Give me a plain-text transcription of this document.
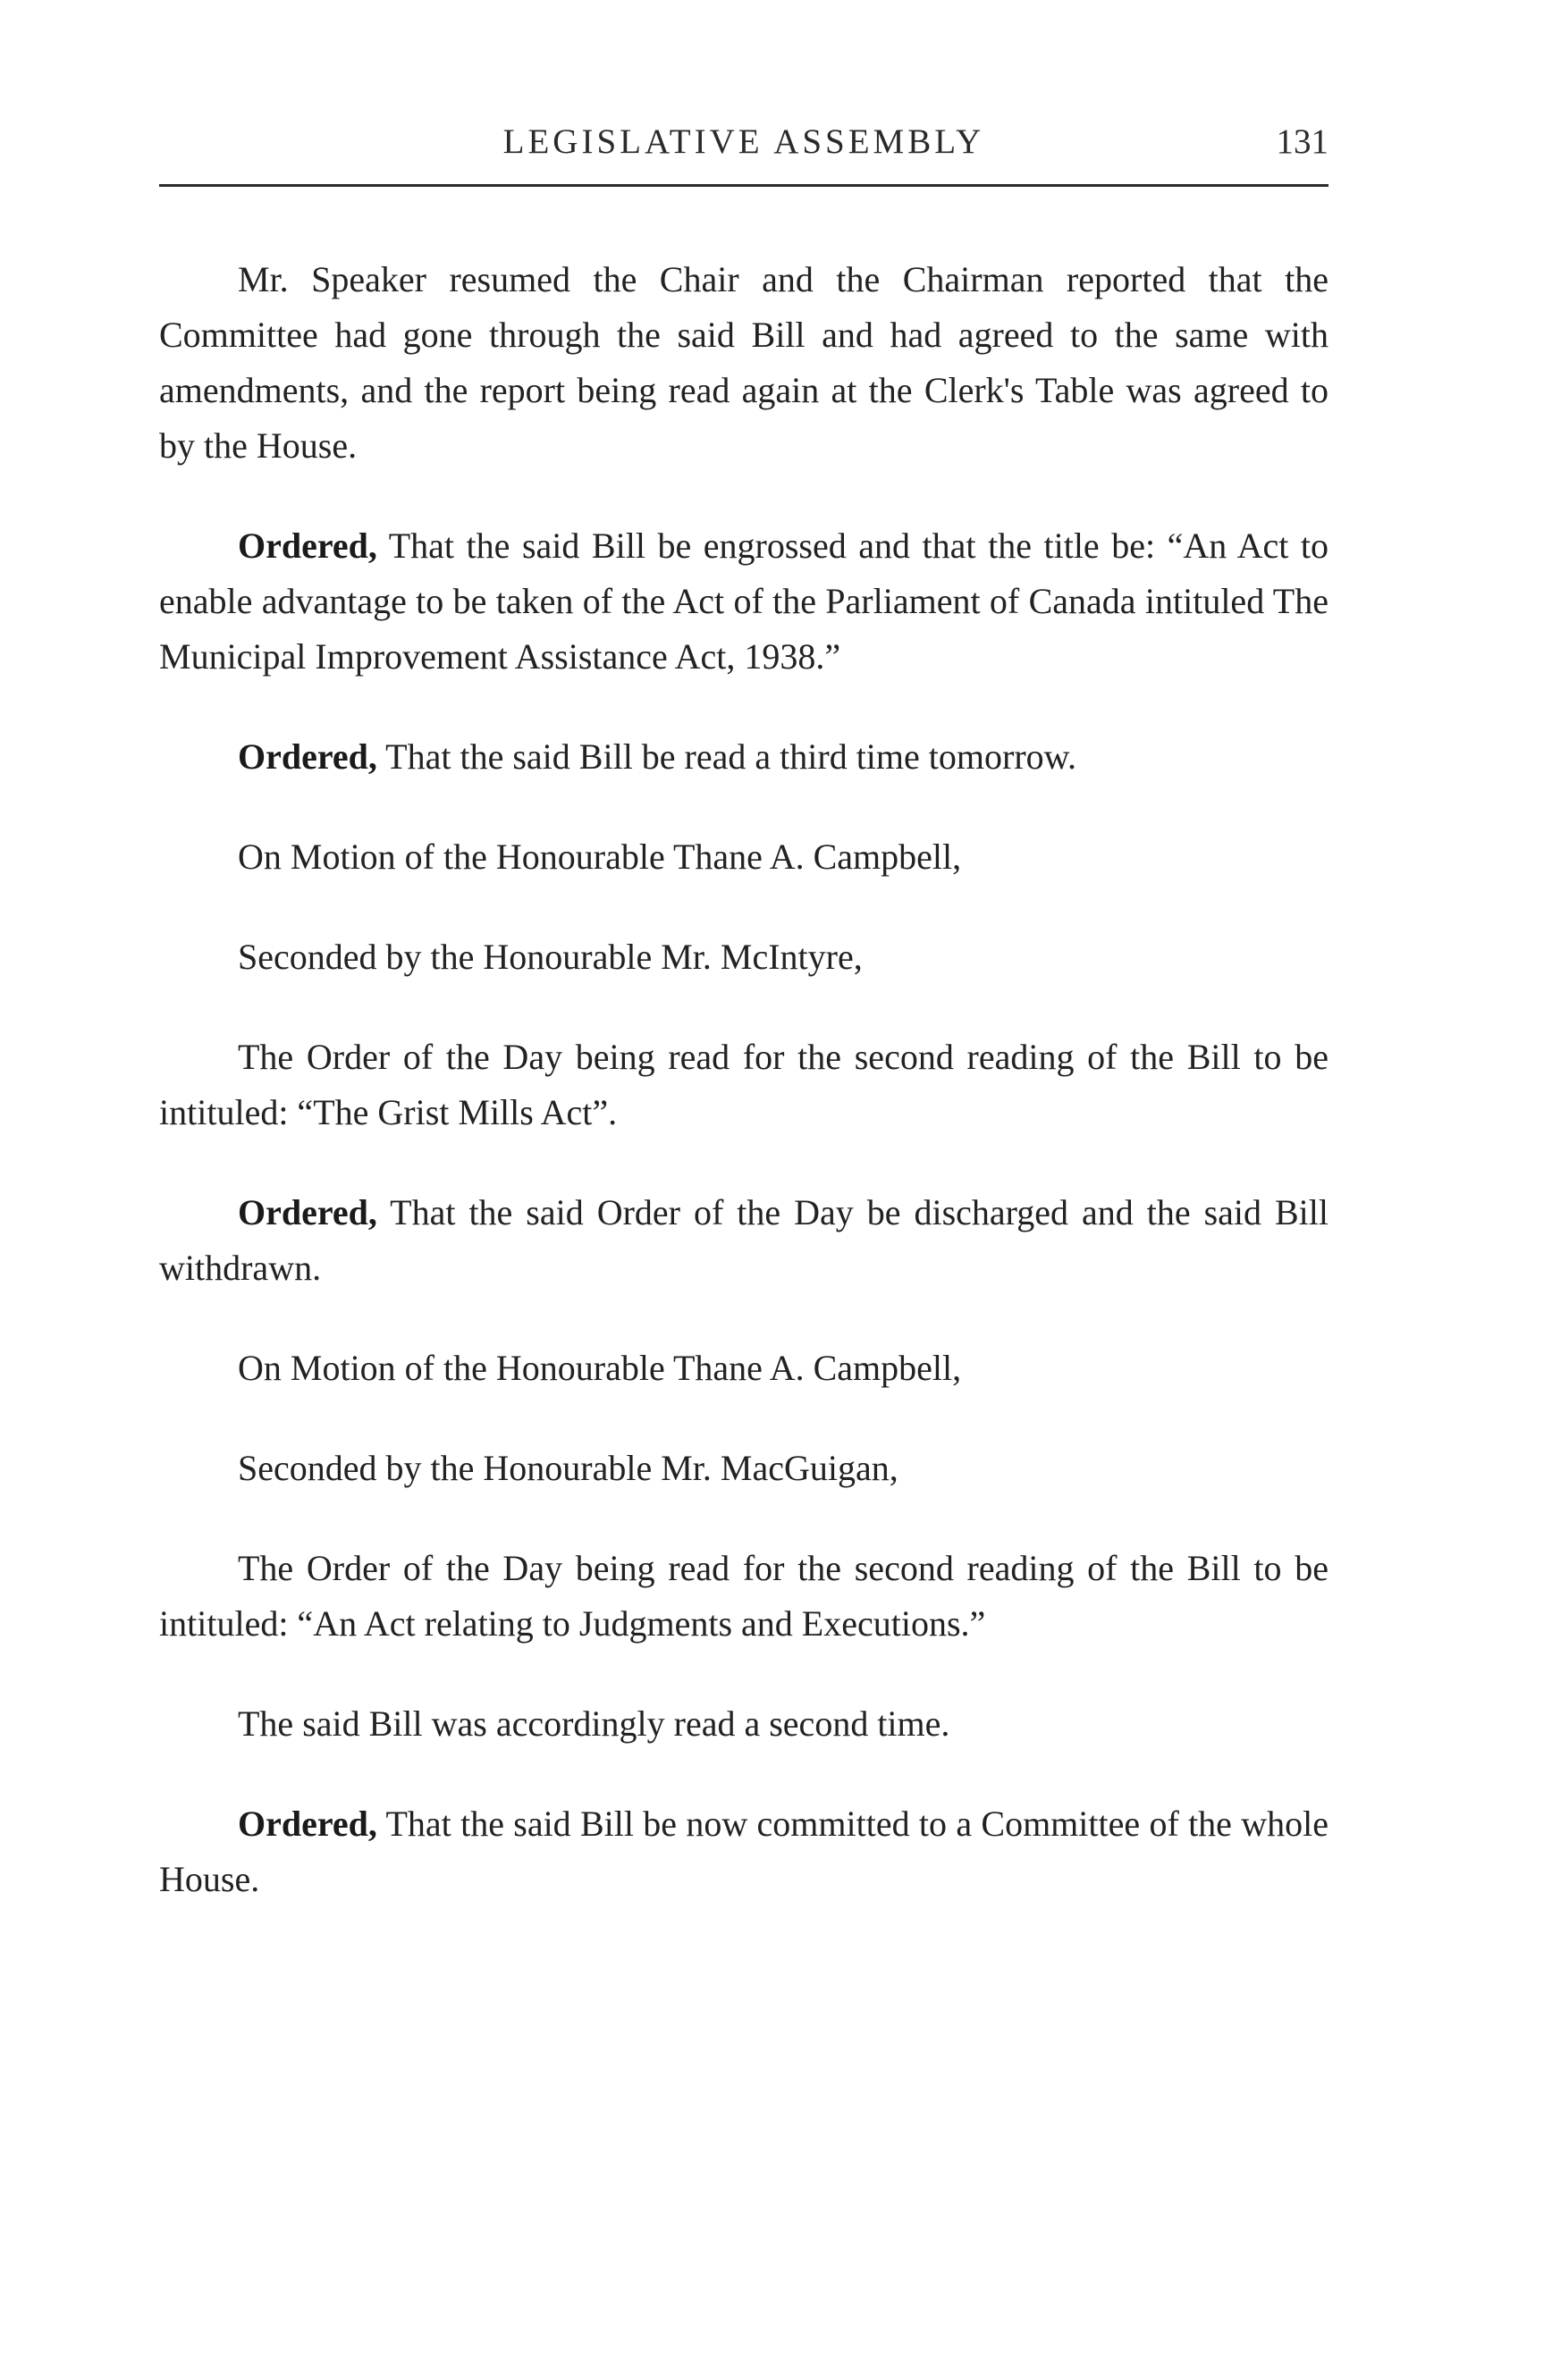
LEGISLATIVE ASSEMBLY	131

Mr. Speaker resumed the Chair and the Chairman reported that the Committee had gone through the said Bill and had agreed to the same with amendments, and the report being read again at the Clerk's Table was agreed to by the House.

Ordered, That the said Bill be engrossed and that the title be: “An Act to enable advantage to be taken of the Act of the Parliament of Canada intituled The Municipal Improvement Assistance Act, 1938.”

Ordered, That the said Bill be read a third time tomorrow.

On Motion of the Honourable Thane A. Campbell,

Seconded by the Honourable Mr. McIntyre,

The Order of the Day being read for the second reading of the Bill to be intituled: “The Grist Mills Act”.

Ordered, That the said Order of the Day be discharged and the said Bill withdrawn.

On Motion of the Honourable Thane A. Campbell,

Seconded by the Honourable Mr. MacGuigan,

The Order of the Day being read for the second reading of the Bill to be intituled: “An Act relating to Judgments and Executions.”

The said Bill was accordingly read a second time.

Ordered, That the said Bill be now committed to a Committee of the whole House.
